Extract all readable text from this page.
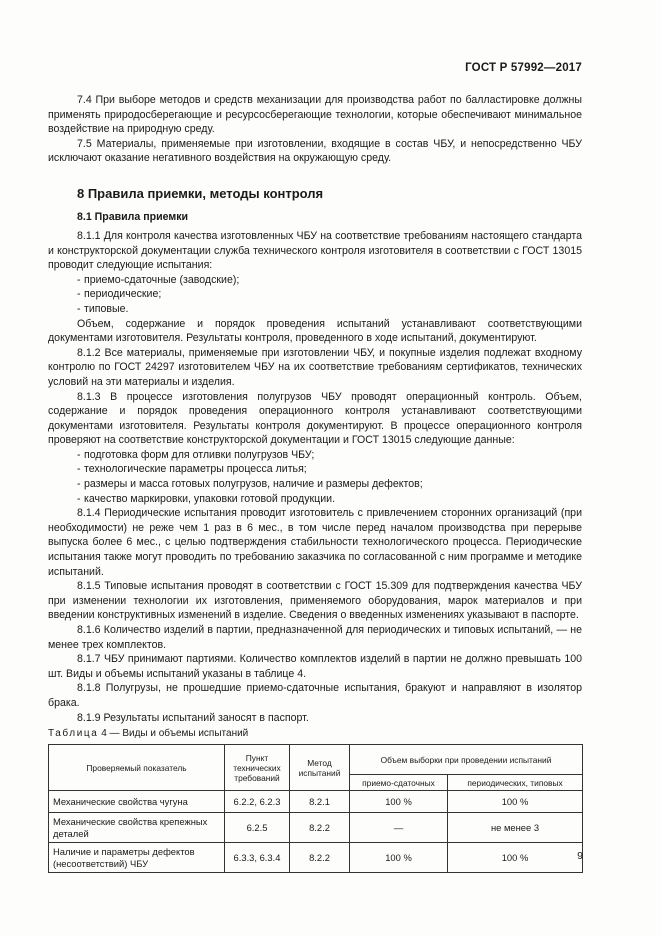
ГОСТ Р 57992—2017

7.4 При выборе методов и средств механизации для производства работ по балластировке должны применять природосберегающие и ресурсосберегающие технологии, которые обеспечивают минимальное воздействие на природную среду.

7.5 Материалы, применяемые при изготовлении, входящие в состав ЧБУ, и непосредственно ЧБУ исключают оказание негативного воздействия на окружающую среду.

8 Правила приемки, методы контроля
8.1 Правила приемки

8.1.1 Для контроля качества изготовленных ЧБУ на соответствие требованиям настоящего стандарта и конструкторской документации служба технического контроля изготовителя в соответствии с ГОСТ 13015 проводит следующие испытания:

- приемо-сдаточные (заводские);

- периодические;

- типовые.

Объем, содержание и порядок проведения испытаний устанавливают соответствующими документами изготовителя. Результаты контроля, проведенного в ходе испытаний, документируют.

8.1.2 Все материалы, применяемые при изготовлении ЧБУ, и покупные изделия подлежат входному контролю по ГОСТ 24297 изготовителем ЧБУ на их соответствие требованиям сертификатов, технических условий на эти материалы и изделия.

8.1.3 В процессе изготовления полугрузов ЧБУ проводят операционный контроль. Объем, содержание и порядок проведения операционного контроля устанавливают соответствующими документами изготовителя. Результаты контроля документируют. В процессе операционного контроля проверяют на соответствие конструкторской документации и ГОСТ 13015 следующие данные:

- подготовка форм для отливки полугрузов ЧБУ;

- технологические параметры процесса литья;

- размеры и масса готовых полугрузов, наличие и размеры дефектов;

- качество маркировки, упаковки готовой продукции.

8.1.4 Периодические испытания проводит изготовитель с привлечением сторонних организаций (при необходимости) не реже чем 1 раз в 6 мес., в том числе перед началом производства при перерыве выпуска более 6 мес., с целью подтверждения стабильности технологического процесса. Периодические испытания также могут проводить по требованию заказчика по согласованной с ним программе и методике испытаний.

8.1.5 Типовые испытания проводят в соответствии с ГОСТ 15.309 для подтверждения качества ЧБУ при изменении технологии их изготовления, применяемого оборудования, марок материалов и при введении конструктивных изменений в изделие. Сведения о введенных изменениях указывают в паспорте.

8.1.6 Количество изделий в партии, предназначенной для периодических и типовых испытаний, — не менее трех комплектов.

8.1.7 ЧБУ принимают партиями. Количество комплектов изделий в партии не должно превышать 100 шт. Виды и объемы испытаний указаны в таблице 4.

8.1.8 Полугрузы, не прошедшие приемо-сдаточные испытания, бракуют и направляют в изолятор брака.

8.1.9 Результаты испытаний заносят в паспорт.

Таблица 4 — Виды и объемы испытаний
Проверяемый показатель	Пункт технических требований	Метод испытаний	Объем выборки при проведении испытаний	
			приемо-сдаточных	периодических, типовых
Механические свойства чугуна	6.2.2, 6.2.3	8.2.1	100 %	100 %
Механические свойства крепежных деталей	6.2.5	8.2.2	—	не менее 3
Наличие и параметры дефектов (несоответствий) ЧБУ	6.3.3, 6.3.4	8.2.2	100 %	100 %	9
